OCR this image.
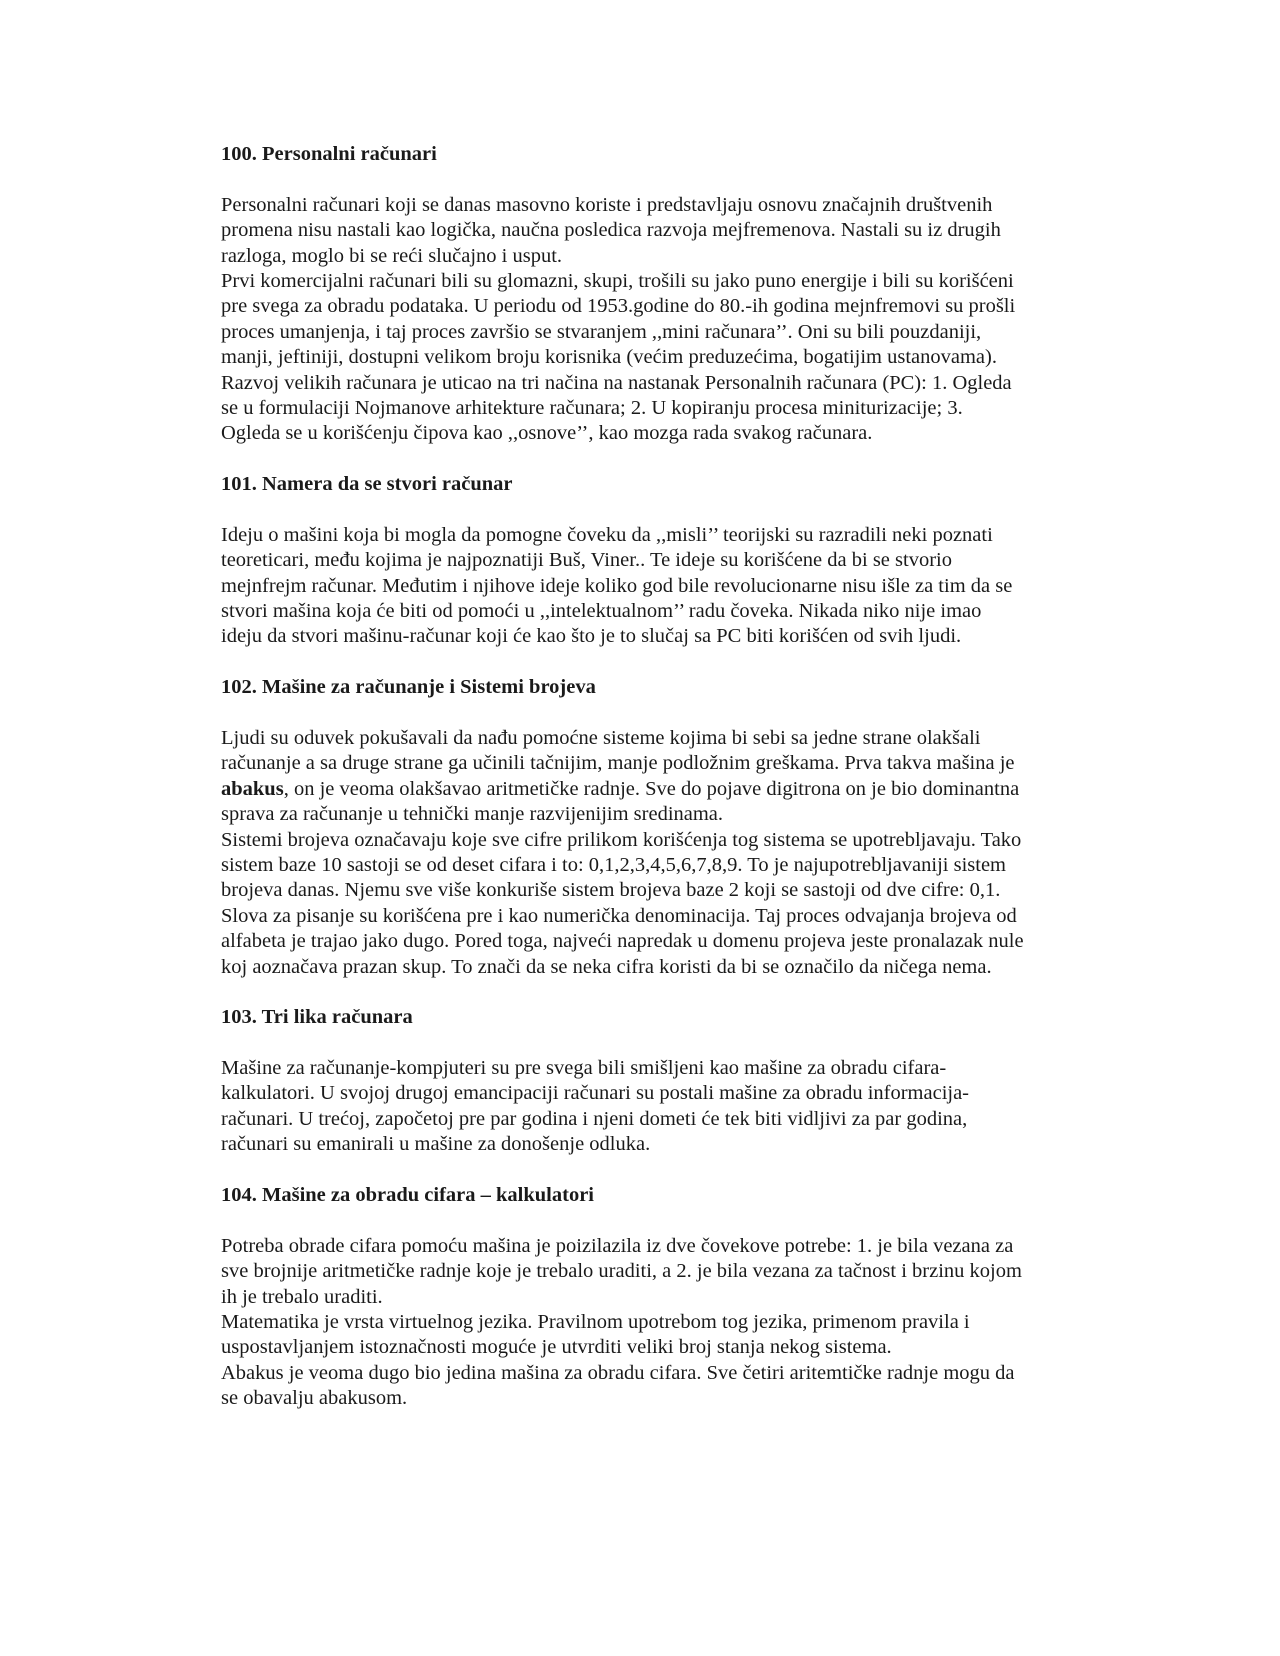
100. Personalni računari
Personalni računari koji se danas masovno koriste i predstavljaju osnovu značajnih društvenih
promena nisu nastali kao logička, naučna posledica razvoja mejfremenova. Nastali su iz drugih
razloga, moglo bi se reći slučajno i usput.
Prvi komercijalni računari bili su glomazni, skupi, trošili su jako puno energije i bili su korišćeni
pre svega za obradu podataka. U periodu od 1953.godine do 80.-ih godina mejnfremovi su prošli
proces umanjenja, i taj proces završio se stvaranjem ,,mini računara’’. Oni su bili pouzdaniji,
manji, jeftiniji, dostupni velikom broju korisnika (većim preduzećima, bogatijim ustanovama).
Razvoj velikih računara je uticao na tri načina na nastanak Personalnih računara (PC): 1. Ogleda
se u formulaciji Nojmanove arhitekture računara; 2. U kopiranju procesa miniturizacije; 3.
Ogleda se u korišćenju čipova kao ,,osnove’’, kao mozga rada svakog računara.
101. Namera da se stvori računar
Ideju o mašini koja bi mogla da pomogne čoveku da ,,misli’’ teorijski su razradili neki poznati
teoreticari, među kojima je najpoznatiji Buš, Viner.. Te ideje su korišćene da bi se stvorio
mejnfrejm računar. Međutim i njihove ideje koliko god bile revolucionarne nisu išle za tim da se
stvori mašina koja će biti od pomoći u ,,intelektualnom’’ radu čoveka. Nikada niko nije imao
ideju da stvori mašinu-računar koji će kao što je to slučaj sa PC biti korišćen od svih ljudi.
102. Mašine za računanje i Sistemi brojeva
Ljudi su oduvek pokušavali da nađu pomoćne sisteme kojima bi sebi sa jedne strane olakšali
računanje a sa druge strane ga učinili tačnijim, manje podložnim greškama. Prva takva mašina je
abakus, on je veoma olakšavao aritmetičke radnje. Sve do pojave digitrona on je bio dominantna
sprava za računanje u tehnički manje razvijenijim sredinama.
Sistemi brojeva označavaju koje sve cifre prilikom korišćenja tog sistema se upotrebljavaju. Tako
sistem baze 10 sastoji se od deset cifara i to: 0,1,2,3,4,5,6,7,8,9. To je najupotrebljavaniji sistem
brojeva danas. Njemu sve više konkuriše sistem brojeva baze 2 koji se sastoji od dve cifre: 0,1.
Slova za pisanje su korišćena pre i kao numerička denominacija. Taj proces odvajanja brojeva od
alfabeta je trajao jako dugo. Pored toga, najveći napredak u domenu projeva jeste pronalazak nule
koj aoznačava prazan skup. To znači da se neka cifra koristi da bi se označilo da ničega nema.
103. Tri lika računara
Mašine za računanje-kompjuteri su pre svega bili smišljeni kao mašine za obradu cifara-
kalkulatori. U svojoj drugoj emancipaciji računari su postali mašine za obradu informacija-
računari. U trećoj, započetoj pre par godina i njeni dometi će tek biti vidljivi za par godina,
računari su emanirali u mašine za donošenje odluka.
104. Mašine za obradu cifara – kalkulatori
Potreba obrade cifara pomoću mašina je poizilazila iz dve čovekove potrebe: 1. je bila vezana za
sve brojnije aritmetičke radnje koje je trebalo uraditi, a 2. je bila vezana za tačnost i brzinu kojom
ih je trebalo uraditi.
Matematika je vrsta virtuelnog jezika. Pravilnom upotrebom tog jezika, primenom pravila i
uspostavljanjem istoznačnosti moguće je utvrditi veliki broj stanja nekog sistema.
Abakus je veoma dugo bio jedina mašina za obradu cifara. Sve četiri aritemtičke radnje mogu da
se obavalju abakusom.
